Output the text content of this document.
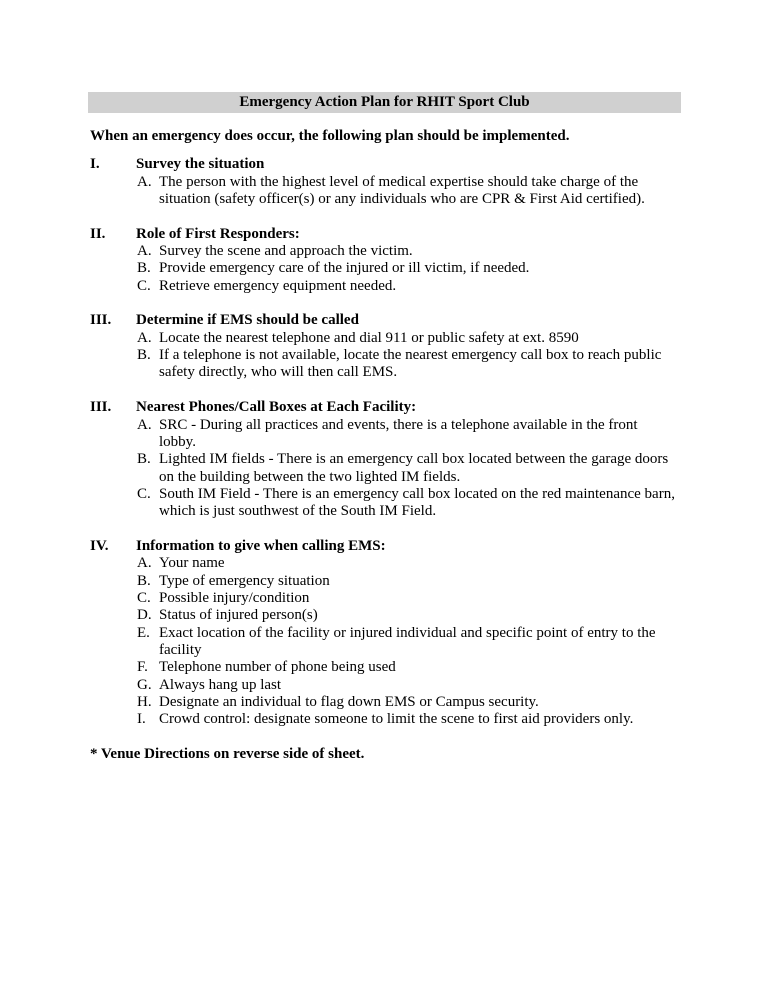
Emergency Action Plan for RHIT Sport Club
When an emergency does occur, the following plan should be implemented.
I.	Survey the situation
A. The person with the highest level of medical expertise should take charge of the
situation (safety officer(s) or any individuals who are CPR & First Aid certified).
II.	Role of First Responders:
A. Survey the scene and approach the victim.
B. Provide emergency care of the injured or ill victim, if needed.
C. Retrieve emergency equipment needed.
III.	Determine if EMS should be called
A. Locate the nearest telephone and dial 911 or public safety at ext. 8590
B. If a telephone is not available, locate the nearest emergency call box to reach public
safety directly, who will then call EMS.
III.	Nearest Phones/Call Boxes at Each Facility:
A. SRC - During all practices and events, there is a telephone available in the front
lobby.
B. Lighted IM fields - There is an emergency call box located between the garage doors
on the building between the two lighted IM fields.
C. South IM Field - There is an emergency call box located on the red maintenance barn,
which is just southwest of the South IM Field.
IV.	Information to give when calling EMS:
A. Your name
B. Type of emergency situation
C. Possible injury/condition
D. Status of injured person(s)
E. Exact location of the facility or injured individual and specific point of entry to the
facility
F. Telephone number of phone being used
G. Always hang up last
H. Designate an individual to flag down EMS or Campus security.
I. Crowd control: designate someone to limit the scene to first aid providers only.
* Venue Directions on reverse side of sheet.
